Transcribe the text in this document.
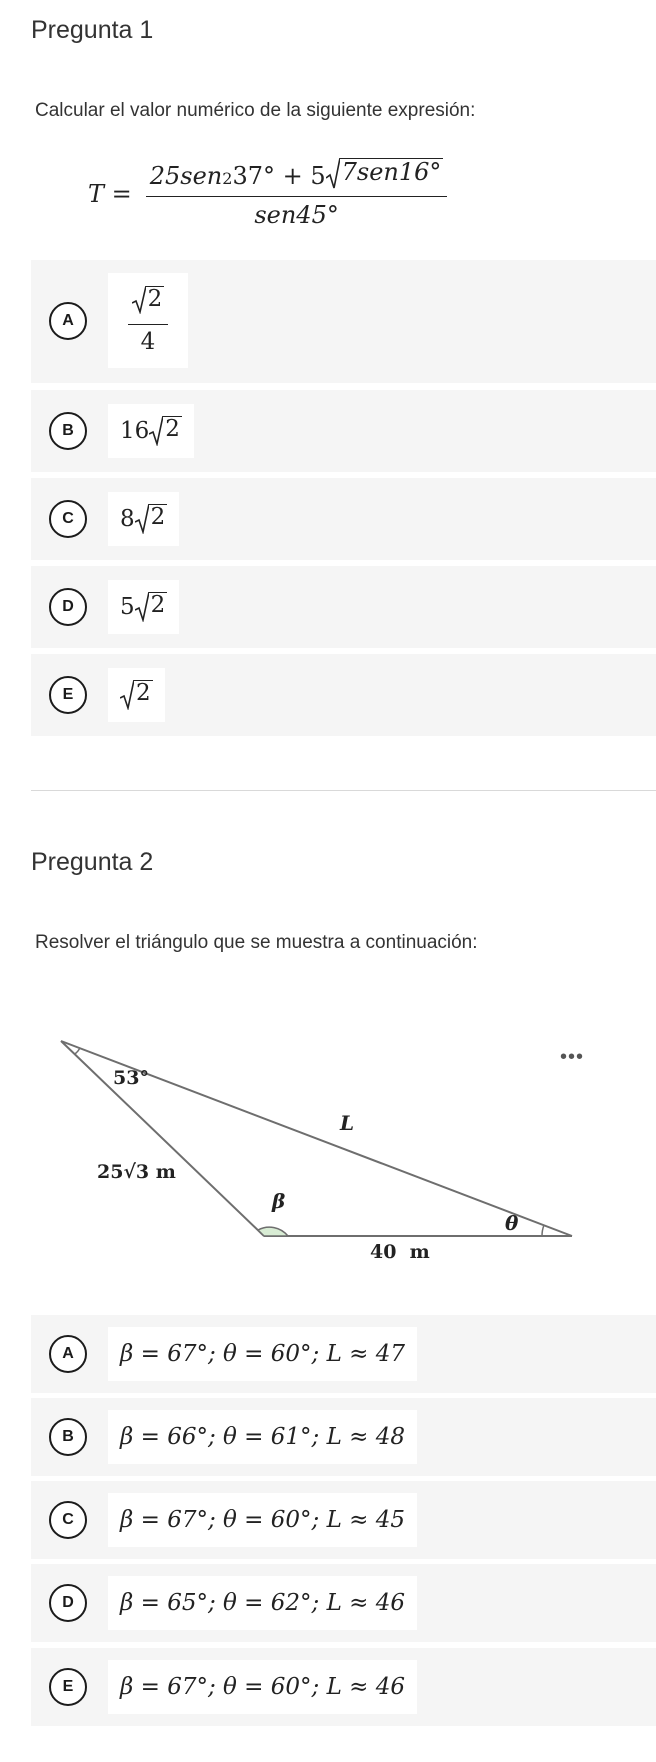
Pregunta 1
Calcular el valor numérico de la siguiente expresión:
T =
25sen$^2$ 37° + 5 7sen16°
sen45°
A
2
4
B	16 2
C	8 2
D	5 2
E	2
Pregunta 2
Resolver el triángulo que se muestra a continuación:
•••
53°
25√3 m
L
β
θ
40  m
A	β = 67°; θ = 60°; L ≈ 47
B	β = 66°; θ = 61°; L ≈ 48
C	β = 67°; θ = 60°; L ≈ 45
D	β = 65°; θ = 62°; L ≈ 46
E	β = 67°; θ = 60°; L ≈ 46
